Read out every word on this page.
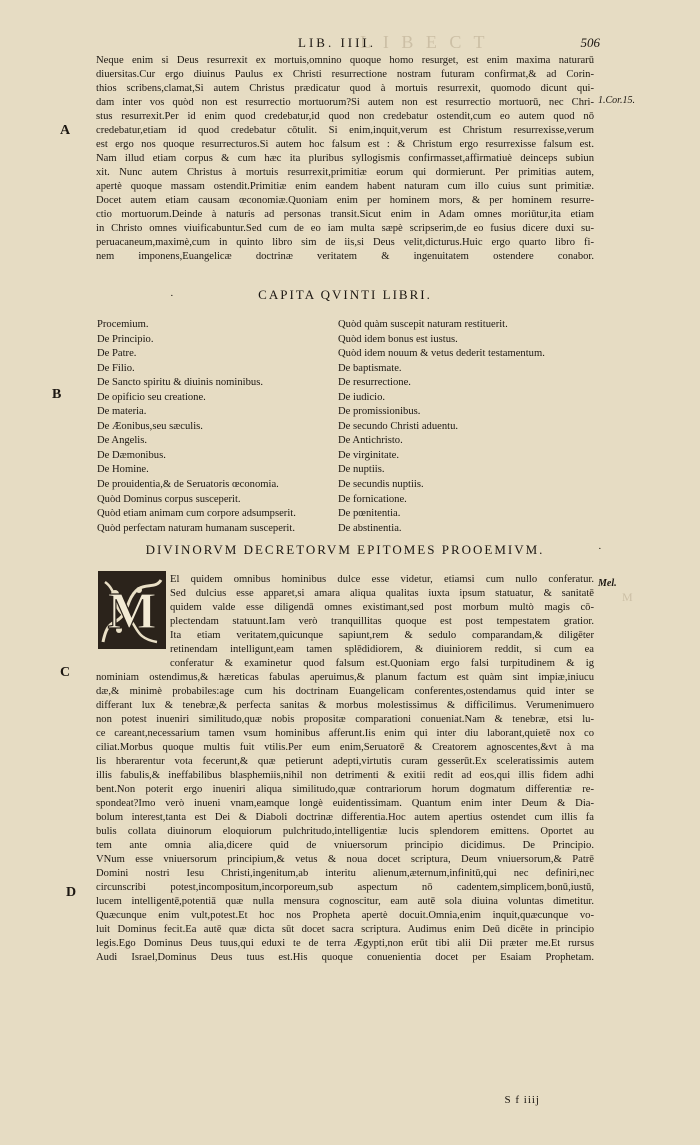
L I B E C T
LIB. IIII.	506
Neque enim si Deus resurrexit ex mortuis,omnino quoque homo resurget, est enim maxima naturarū
diuersitas.Cur ergo diuinus Paulus ex Christi resurrectione nostram futuram confirmat,& ad Corin-
thios scribens,clamat,Si autem Christus prædicatur quod à mortuis resurrexit, quomodo dicunt qui-
dam inter vos quòd non est resurrectio mortuorum?Si autem non est resurrectio mortuorū, nec Chri-
stus resurrexit.Per id enim quod credebatur,id quod non credebatur ostendit,cum eo autem quod nō
credebatur,etiam id quod credebatur cōtulit. Si enim,inquit,verum est Christum resurrexisse,verum
est ergo nos quoque resurrecturos.Si autem hoc falsum est : & Christum ergo resurrexisse falsum est.
Nam illud etiam corpus & cum hæc ita pluribus syllogismis confirmasset,affirmatiuè deinceps subiun
xit. Nunc autem Christus à mortuis resurrexit,primitiæ eorum qui dormierunt. Per primitias autem,
apertè quoque massam ostendit.Primitiæ enim eandem habent naturam cum illo cuius sunt primitiæ.
Docet autem etiam causam œconomiæ.Quoniam enim per hominem mors, & per hominem resurre-
ctio mortuorum.Deinde à naturis ad personas transit.Sicut enim in Adam omnes moriūtur,ita etiam
in Christo omnes viuificabuntur.Sed cum de eo iam multa sæpè scripserim,de eo fusius dicere duxi su-
peruacaneum,maximè,cum in quinto libro sim de iis,si Deus velit,dicturus.Huic ergo quarto libro fi-
nem imponens,Euangelicæ doctrinæ veritatem & ingenuitatem ostendere conabor.
1.Cor.15.
A
CAPITA QVINTI LIBRI.
·
Procemium.
De Principio.
De Patre.
De Filio.
De Sancto spiritu & diuinis nominibus.
De opificio seu creatione.
De materia.
De Æonibus,seu sæculis.
De Angelis.
De Dæmonibus.
De Homine.
De prouidentia,& de Seruatoris œconomia.
Quòd Dominus corpus susceperit.
Quòd etiam animam cum corpore adsumpserit.
Quòd perfectam naturam humanam susceperit.
Quòd quàm suscepit naturam restituerit.
Quòd idem bonus est iustus.
Quòd idem nouum & vetus dederit testamentum.
De baptismate.
De resurrectione.
De iudicio.
De promissionibus.
De secundo Christi aduentu.
De Antichristo.
De virginitate.
De nuptiis.
De secundis nuptiis.
De fornicatione.
De pœnitentia.
De abstinentia.
B
DIVINORVM DECRETORVM EPITOMES PROOEMIVM.	·
M
El quidem omnibus hominibus dulce esse videtur, etiamsi cum nullo conferatur.
Sed dulcius esse apparet,si amara aliqua qualitas iuxta ipsum statuatur, & sanitatē
quidem valde esse diligendā omnes existimant,sed post morbum multò magis cō-
plectendam statuunt.Iam verò tranquillitas quoque est post tempestatem gratior.
Ita etiam veritatem,quicunque sapiunt,rem & sedulo comparandam,& diligēter
retinendam intelligunt,eam tamen splēdidiorem, & diuiniorem reddit, si cum ea
conferatur & examinetur quod falsum est.Quoniam ergo falsi turpitudinem & ig
Mel.
M
nominiam ostendimus,& hæreticas fabulas aperuimus,& planum factum est quàm sint impiæ,iniucu
dæ,& minimè probabiles:age cum his doctrinam Euangelicam conferentes,ostendamus quid inter se
differant lux & tenebræ,& perfecta sanitas & morbus molestissimus & difficilimus. Verumenimuero
non potest inueniri similitudo,quæ nobis propositæ comparationi conueniat.Nam & tenebræ, etsi lu-
ce careant,necessarium tamen vsum hominibus afferunt.Iis enim qui inter diu laborant,quietē nox co
ciliat.Morbus quoque multis fuit vtilis.Per eum enim,Seruatorē & Creatorem agnoscentes,&vt à ma
lis hberarentur vota fecerunt,& quæ petierunt adepti,virtutis curam gesserūt.Ex sceleratissimis autem
illis fabulis,& ineffabilibus blasphemiis,nihil non detrimenti & exitii redit ad eos,qui illis fidem adhi
bent.Non poterit ergo inueniri aliqua similitudo,quæ contrariorum horum dogmatum differentiæ re-
spondeat?Imo verò inueni vnam,eamque longè euidentissimam. Quantum enim inter Deum & Dia-
bolum interest,tanta est Dei & Diaboli doctrinæ differentia.Hoc autem apertius ostendet cum illis fa
bulis collata diuinorum eloquiorum pulchritudo,intelligentiæ lucis splendorem emittens. Oportet au
tem ante omnia alia,dicere quid de vniuersorum principio dicidimus. De Principio.
VNum esse vniuersorum principium,& vetus & noua docet scriptura, Deum vniuersorum,& Patrē
Domini nostri Iesu Christi,ingenitum,ab interitu alienum,æternum,infinitū,qui nec definiri,nec
circunscribi potest,incompositum,incorporeum,sub aspectum nō cadentem,simplicem,bonū,iustū,
lucem intelligentē,potentiā quæ nulla mensura cognoscitur, eam autē sola diuina voluntas dimetitur.
Quæcunque enim vult,potest.Et hoc nos Propheta apertè docuit.Omnia,enim inquit,quæcunque vo-
luit Dominus fecit.Ea autē quæ dicta sūt docet sacra scriptura. Audimus enim Deū dicēte in principio
legis.Ego Dominus Deus tuus,qui eduxi te de terra Ægypti,non erūt tibi alii Dii præter me.Et rursus
Audi Israel,Dominus Deus tuus est.His quoque conuenientia docet per Esaiam Prophetam.
C
D
S f iiij
